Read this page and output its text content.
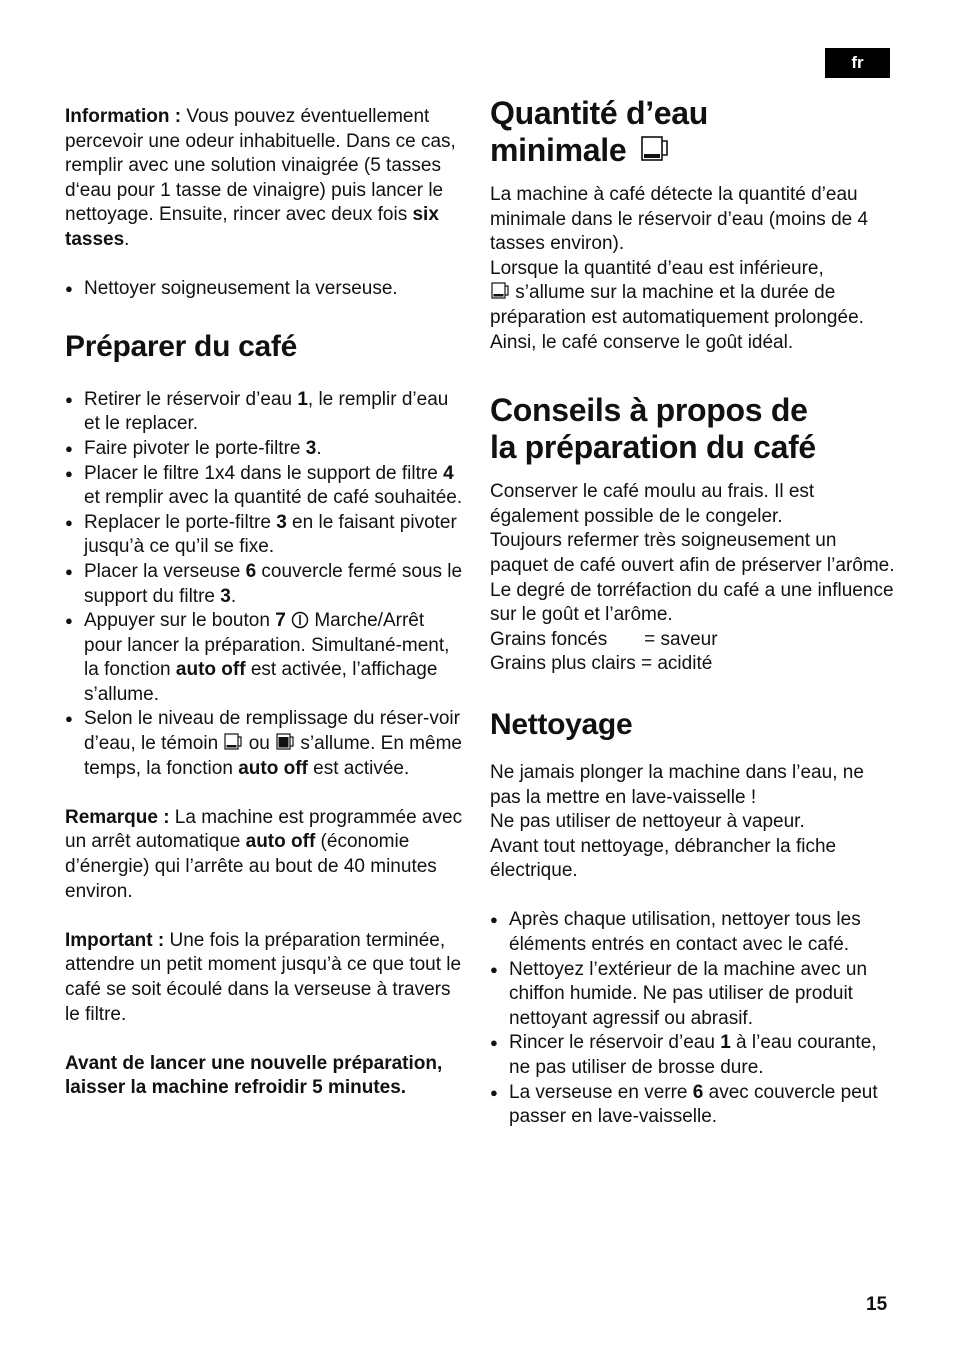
fr

Information : Vous pouvez éventuellement percevoir une odeur inhabituelle. Dans ce cas, remplir avec une solution vinaigrée (5 tasses d‘eau pour 1 tasse de vinaigre) puis lancer le nettoyage. Ensuite, rincer avec deux fois six tasses.

● Nettoyer soigneusement la verseuse.
Préparer du café
● Retirer le réservoir d’eau 1, le remplir d’eau et le replacer.
● Faire pivoter le porte-filtre 3.
● Placer le filtre 1x4 dans le support de filtre 4 et remplir avec la quantité de café souhaitée.
● Replacer le porte-filtre 3 en le faisant pivoter jusqu’à ce qu’il se fixe.
● Placer la verseuse 6 couvercle fermé sous le support du filtre 3.
● Appuyer sur le bouton 7  Marche/Arrêt pour lancer la préparation. Simultané-ment, la fonction auto off est activée, l’affichage s’allume.
● Selon le niveau de remplissage du réser-voir d’eau, le témoin  ou  s’allume. En même temps, la fonction auto off est activée.

Remarque : La machine est programmée avec un arrêt automatique auto off (économie d’énergie) qui l’arrête au bout de 40 minutes environ.

Important : Une fois la préparation terminée, attendre un petit moment jusqu’à ce que tout le café se soit écoulé dans la verseuse à travers le filtre.

Avant de lancer une nouvelle préparation, laisser la machine refroidir 5 minutes.

Quantité d’eau
minimale

La machine à café détecte la quantité d’eau minimale dans le réservoir d’eau (moins de 4 tasses environ).

Lorsque la quantité d’eau est inférieure,
s’allume sur la machine et la durée de préparation est automatiquement prolongée. Ainsi, le café conserve le goût idéal.

Conseils à propos de
la préparation du café

Conserver le café moulu au frais. Il est également possible de le congeler.

Toujours refermer très soigneusement un paquet de café ouvert afin de préserver l’arôme.

Le degré de torréfaction du café a une influence sur le goût et l’arôme.

Grains foncés       = saveur

Grains plus clairs = acidité

Nettoyage

Ne jamais plonger la machine dans l’eau, ne pas la mettre en lave-vaisselle !

Ne pas utiliser de nettoyeur à vapeur.

Avant tout nettoyage, débrancher la fiche électrique.

● Après chaque utilisation, nettoyer tous les éléments entrés en contact avec le café.
● Nettoyez l’extérieur de la machine avec un chiffon humide. Ne pas utiliser de produit nettoyant agressif ou abrasif.
● Rincer le réservoir d’eau 1 à l’eau courante, ne pas utiliser de brosse dure.
● La verseuse en verre 6 avec couvercle peut passer en lave-vaisselle.
15
